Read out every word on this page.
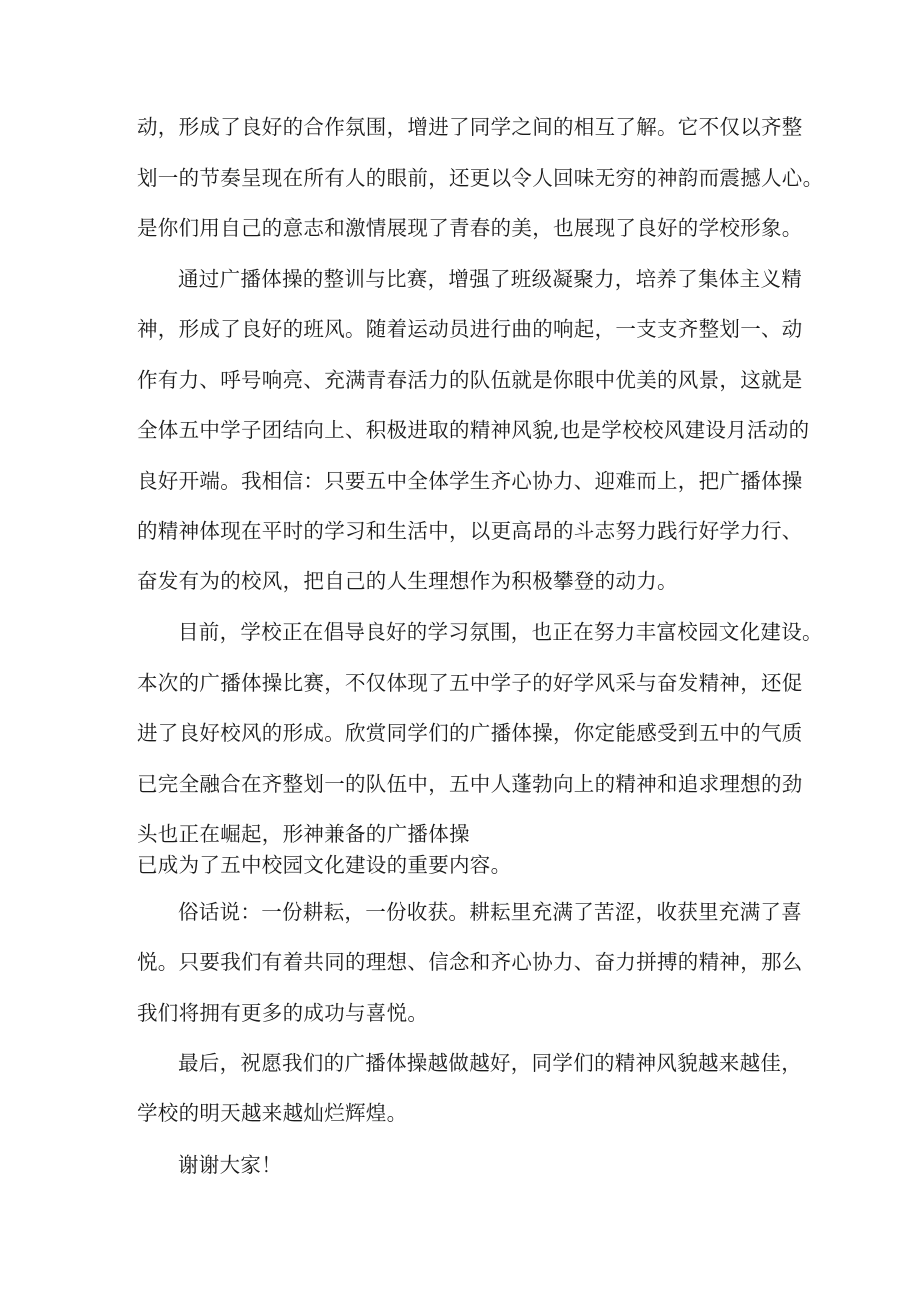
动，形成了良好的合作氛围，增进了同学之间的相互了解。它不仅以齐整
划一的节奏呈现在所有人的眼前，还更以令人回味无穷的神韵而震撼人心。
是你们用自己的意志和激情展现了青春的美，也展现了良好的学校形象。
通过广播体操的整训与比赛，增强了班级凝聚力，培养了集体主义精
神，形成了良好的班风。随着运动员进行曲的响起，一支支齐整划一、动
作有力、呼号响亮、充满青春活力的队伍就是你眼中优美的风景，这就是
全体五中学子团结向上、积极进取的精神风貌,也是学校校风建设月活动的
良好开端。我相信：只要五中全体学生齐心协力、迎难而上，把广播体操
的精神体现在平时的学习和生活中，以更高昂的斗志努力践行好学力行、
奋发有为的校风，把自己的人生理想作为积极攀登的动力。
目前，学校正在倡导良好的学习氛围，也正在努力丰富校园文化建设。
本次的广播体操比赛，不仅体现了五中学子的好学风采与奋发精神，还促
进了良好校风的形成。欣赏同学们的广播体操，你定能感受到五中的气质
已完全融合在齐整划一的队伍中，五中人蓬勃向上的精神和追求理想的劲
头也正在崛起，形神兼备的广播体操
已成为了五中校园文化建设的重要内容。
俗话说：一份耕耘，一份收获。耕耘里充满了苦涩，收获里充满了喜
悦。只要我们有着共同的理想、信念和齐心协力、奋力拼搏的精神，那么
我们将拥有更多的成功与喜悦。
最后，祝愿我们的广播体操越做越好，同学们的精神风貌越来越佳，
学校的明天越来越灿烂辉煌。
谢谢大家！
